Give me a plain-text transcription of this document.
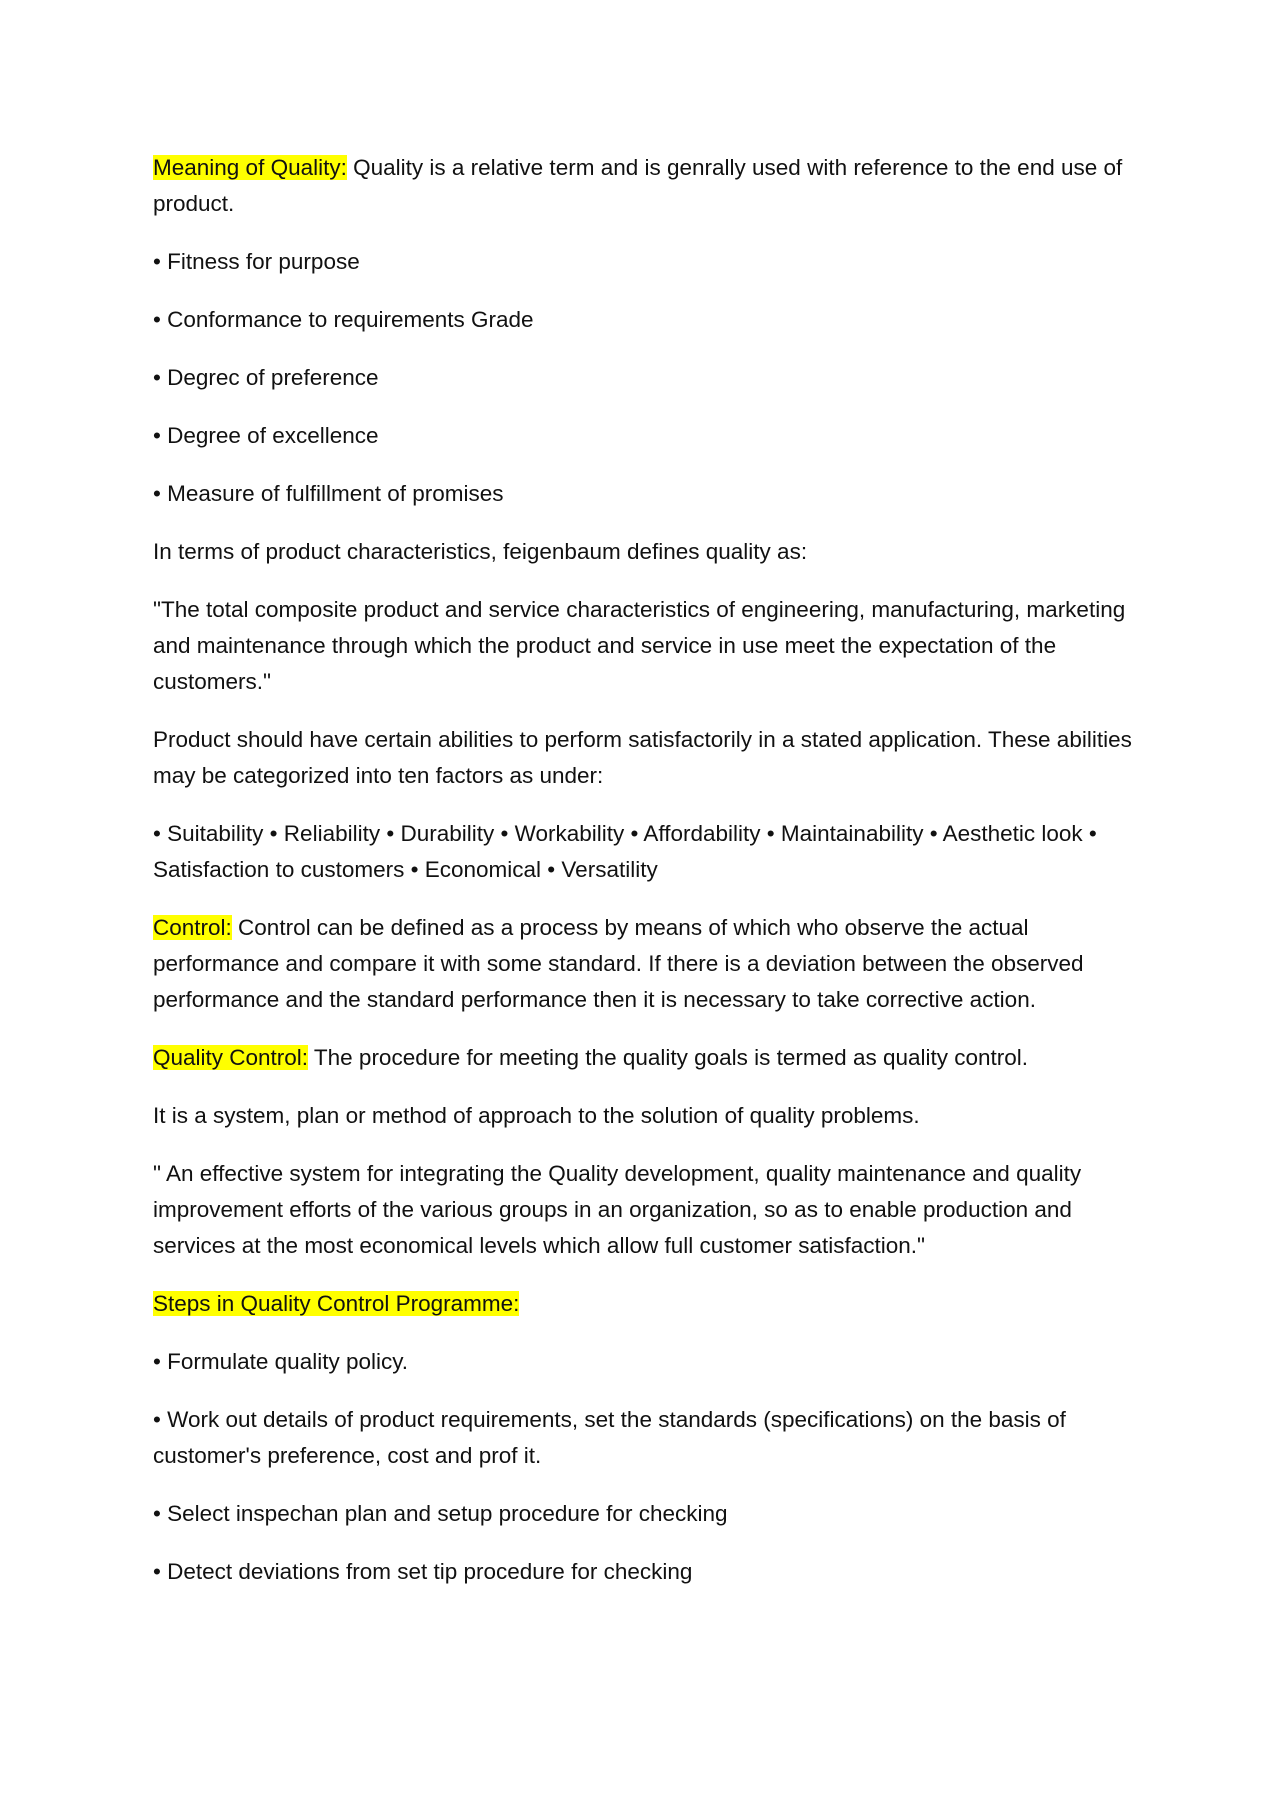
Meaning of Quality: Quality is a relative term and is genrally used with reference to the end use of product.

• Fitness for purpose

• Conformance to requirements Grade

• Degrec of preference

• Degree of excellence

• Measure of fulfillment of promises

In terms of product characteristics, feigenbaum defines quality as:

"The total composite product and service characteristics of engineering, manufacturing, marketing and maintenance through which the product and service in use meet the expectation of the customers."

Product should have certain abilities to perform satisfactorily in a stated application. These abilities may be categorized into ten factors as under:

• Suitability • Reliability • Durability • Workability • Affordability • Maintainability • Aesthetic look • Satisfaction to customers • Economical • Versatility

Control: Control can be defined as a process by means of which who observe the actual performance and compare it with some standard. If there is a deviation between the observed performance and the standard performance then it is necessary to take corrective action.

Quality Control: The procedure for meeting the quality goals is termed as quality control.

It is a system, plan or method of approach to the solution of quality problems.

" An effective system for integrating the Quality development, quality maintenance and quality improvement efforts of the various groups in an organization, so as to enable production and services at the most economical levels which allow full customer satisfaction."

Steps in Quality Control Programme:

• Formulate quality policy.

• Work out details of product requirements, set the standards (specifications) on the basis of customer's preference, cost and prof it.

• Select inspechan plan and setup procedure for checking

• Detect deviations from set tip procedure for checking
